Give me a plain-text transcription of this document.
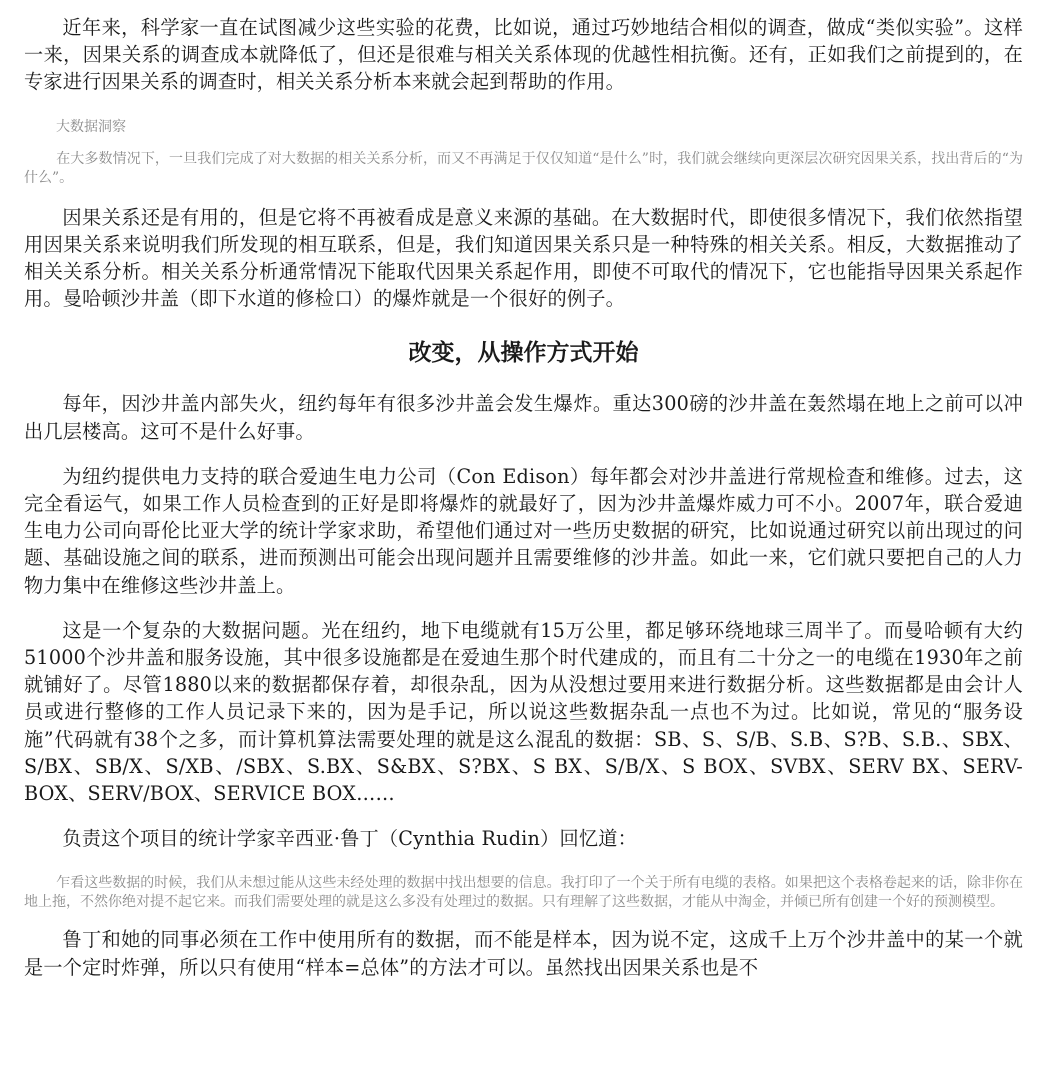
近年来，科学家一直在试图减少这些实验的花费，比如说，通过巧妙地结合相似的调查，做成“类似实验”。这样一来，因果关系的调查成本就降低了，但还是很难与相关关系体现的优越性相抗衡。还有，正如我们之前提到的，在专家进行因果关系的调查时，相关关系分析本来就会起到帮助的作用。

大数据洞察

在大多数情况下，一旦我们完成了对大数据的相关关系分析，而又不再满足于仅仅知道“是什么”时，我们就会继续向更深层次研究因果关系，找出背后的“为什么”。

因果关系还是有用的，但是它将不再被看成是意义来源的基础。在大数据时代，即使很多情况下，我们依然指望用因果关系来说明我们所发现的相互联系，但是，我们知道因果关系只是一种特殊的相关关系。相反，大数据推动了相关关系分析。相关关系分析通常情况下能取代因果关系起作用，即使不可取代的情况下，它也能指导因果关系起作用。曼哈顿沙井盖（即下水道的修检口）的爆炸就是一个很好的例子。

改变，从操作方式开始

每年，因沙井盖内部失火，纽约每年有很多沙井盖会发生爆炸。重达300磅的沙井盖在轰然塌在地上之前可以冲出几层楼高。这可不是什么好事。

为纽约提供电力支持的联合爱迪生电力公司（Con Edison）每年都会对沙井盖进行常规检查和维修。过去，这完全看运气，如果工作人员检查到的正好是即将爆炸的就最好了，因为沙井盖爆炸威力可不小。2007年，联合爱迪生电力公司向哥伦比亚大学的统计学家求助，希望他们通过对一些历史数据的研究，比如说通过研究以前出现过的问题、基础设施之间的联系，进而预测出可能会出现问题并且需要维修的沙井盖。如此一来，它们就只要把自己的人力物力集中在维修这些沙井盖上。

这是一个复杂的大数据问题。光在纽约，地下电缆就有15万公里，都足够环绕地球三周半了。而曼哈顿有大约51000个沙井盖和服务设施，其中很多设施都是在爱迪生那个时代建成的，而且有二十分之一的电缆在1930年之前就铺好了。尽管1880以来的数据都保存着，却很杂乱，因为从没想过要用来进行数据分析。这些数据都是由会计人员或进行整修的工作人员记录下来的，因为是手记，所以说这些数据杂乱一点也不为过。比如说，常见的“服务设施”代码就有38个之多，而计算机算法需要处理的就是这么混乱的数据：SB、S、S/B、S.B、S?B、S.B.、SBX、S/BX、SB/X、S/XB、/SBX、S.BX、S&BX、S?BX、S BX、S/B/X、S BOX、SVBX、SERV BX、SERV-BOX、SERV/BOX、SERVICE BOX……

负责这个项目的统计学家辛西亚·鲁丁（Cynthia Rudin）回忆道：

乍看这些数据的时候，我们从未想过能从这些未经处理的数据中找出想要的信息。我打印了一个关于所有电缆的表格。如果把这个表格卷起来的话，除非你在地上拖，不然你绝对提不起它来。而我们需要处理的就是这么多没有处理过的数据。只有理解了这些数据，才能从中淘金，并倾已所有创建一个好的预测模型。

鲁丁和她的同事必须在工作中使用所有的数据，而不能是样本，因为说不定，这成千上万个沙井盖中的某一个就是一个定时炸弹，所以只有使用“样本=总体”的方法才可以。虽然找出因果关系也是不
